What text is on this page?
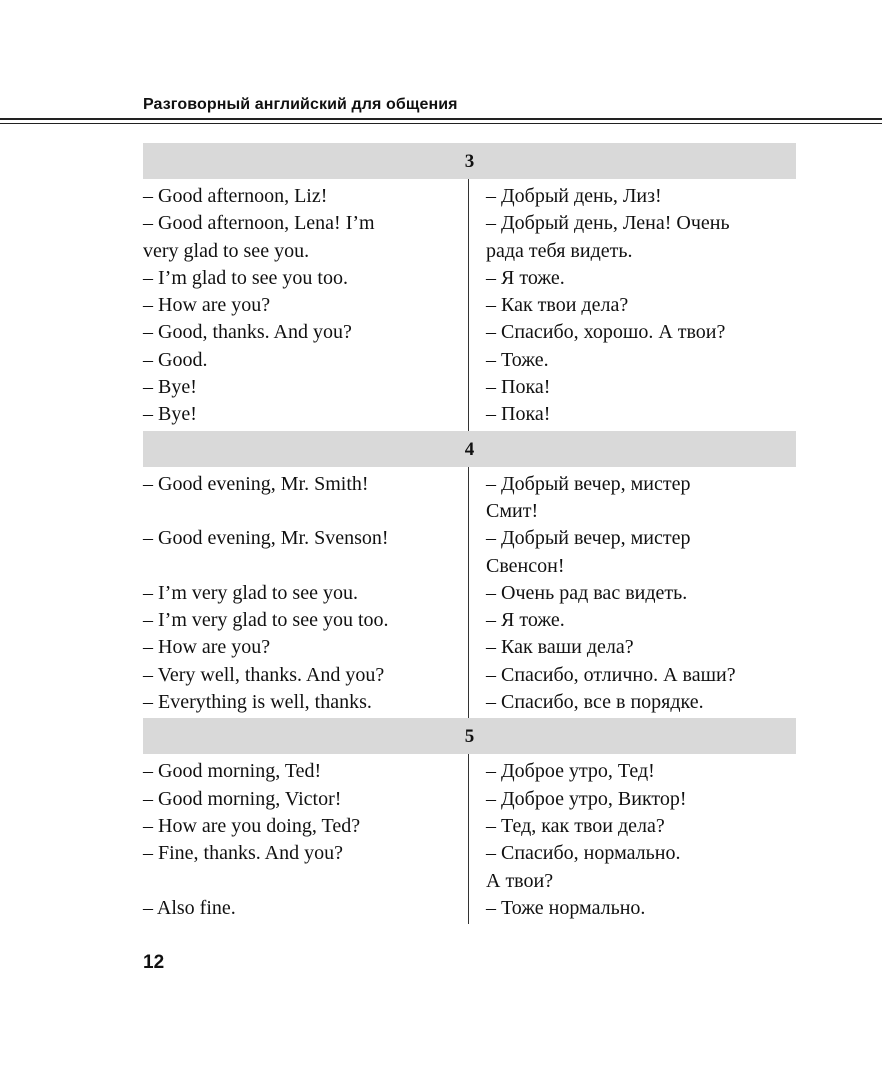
Разговорный английский для общения
3
– Good afternoon, Liz!
– Good afternoon, Lena! I’m
very glad to see you.
– I’m glad to see you too.
– How are you?
– Good, thanks. And you?
– Good.
– Bye!
– Bye!
– Добрый день, Лиз!
– Добрый день, Лена! Очень
рада тебя видеть.
– Я тоже.
– Как твои дела?
– Спасибо, хорошо. А твои?
– Тоже.
– Пока!
– Пока!
4
– Good evening, Mr. Smith!
– Good evening, Mr. Svenson!
– I’m very glad to see you.
– I’m very glad to see you too.
– How are you?
– Very well, thanks. And you?
– Everything is well, thanks.
– Добрый вечер, мистер
Смит!
– Добрый вечер, мистер
Свенсон!
– Очень рад вас видеть.
– Я тоже.
– Как ваши дела?
– Спасибо, отлично. А ваши?
– Спасибо, все в порядке.
5
– Good morning, Ted!
– Good morning, Victor!
– How are you doing, Ted?
– Fine, thanks. And you?
– Also fine.
– Доброе утро, Тед!
– Доброе утро, Виктор!
– Тед, как твои дела?
– Спасибо, нормально.
А твои?
– Тоже нормально.
12
